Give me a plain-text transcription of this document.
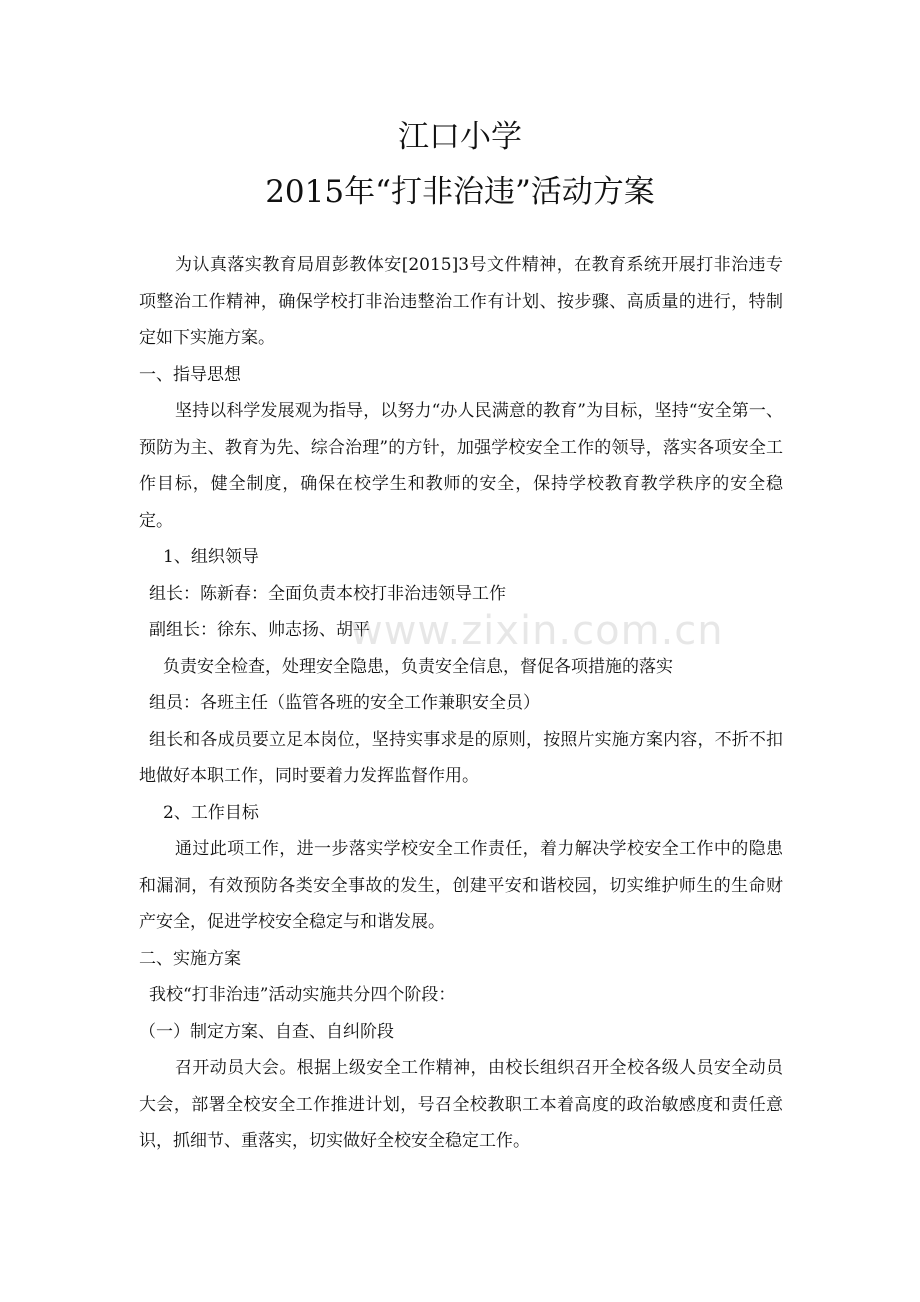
江口小学
2015年“打非治违”活动方案

为认真落实教育局眉彭教体安[2015]3号文件精神，在教育系统开展打非治违专项整治工作精神，确保学校打非治违整治工作有计划、按步骤、高质量的进行，特制定如下实施方案。

一、指导思想

坚持以科学发展观为指导，以努力“办人民满意的教育”为目标，坚持“安全第一、预防为主、教育为先、综合治理”的方针，加强学校安全工作的领导，落实各项安全工作目标，健全制度，确保在校学生和教师的安全，保持学校教育教学秩序的安全稳定。

1、组织领导

组长：陈新春：全面负责本校打非治违领导工作

副组长：徐东、帅志扬、胡平

负责安全检查，处理安全隐患，负责安全信息，督促各项措施的落实

组员：各班主任（监管各班的安全工作兼职安全员）

组长和各成员要立足本岗位，坚持实事求是的原则，按照片实施方案内容，不折不扣地做好本职工作，同时要着力发挥监督作用。

2、工作目标

通过此项工作，进一步落实学校安全工作责任，着力解决学校安全工作中的隐患和漏洞，有效预防各类安全事故的发生，创建平安和谐校园，切实维护师生的生命财产安全，促进学校安全稳定与和谐发展。

二、实施方案

我校“打非治违”活动实施共分四个阶段：

（一）制定方案、自查、自纠阶段

召开动员大会。根据上级安全工作精神，由校长组织召开全校各级人员安全动员大会，部署全校安全工作推进计划，号召全校教职工本着高度的政治敏感度和责任意识，抓细节、重落实，切实做好全校安全稳定工作。

www.zixin.com.cn
